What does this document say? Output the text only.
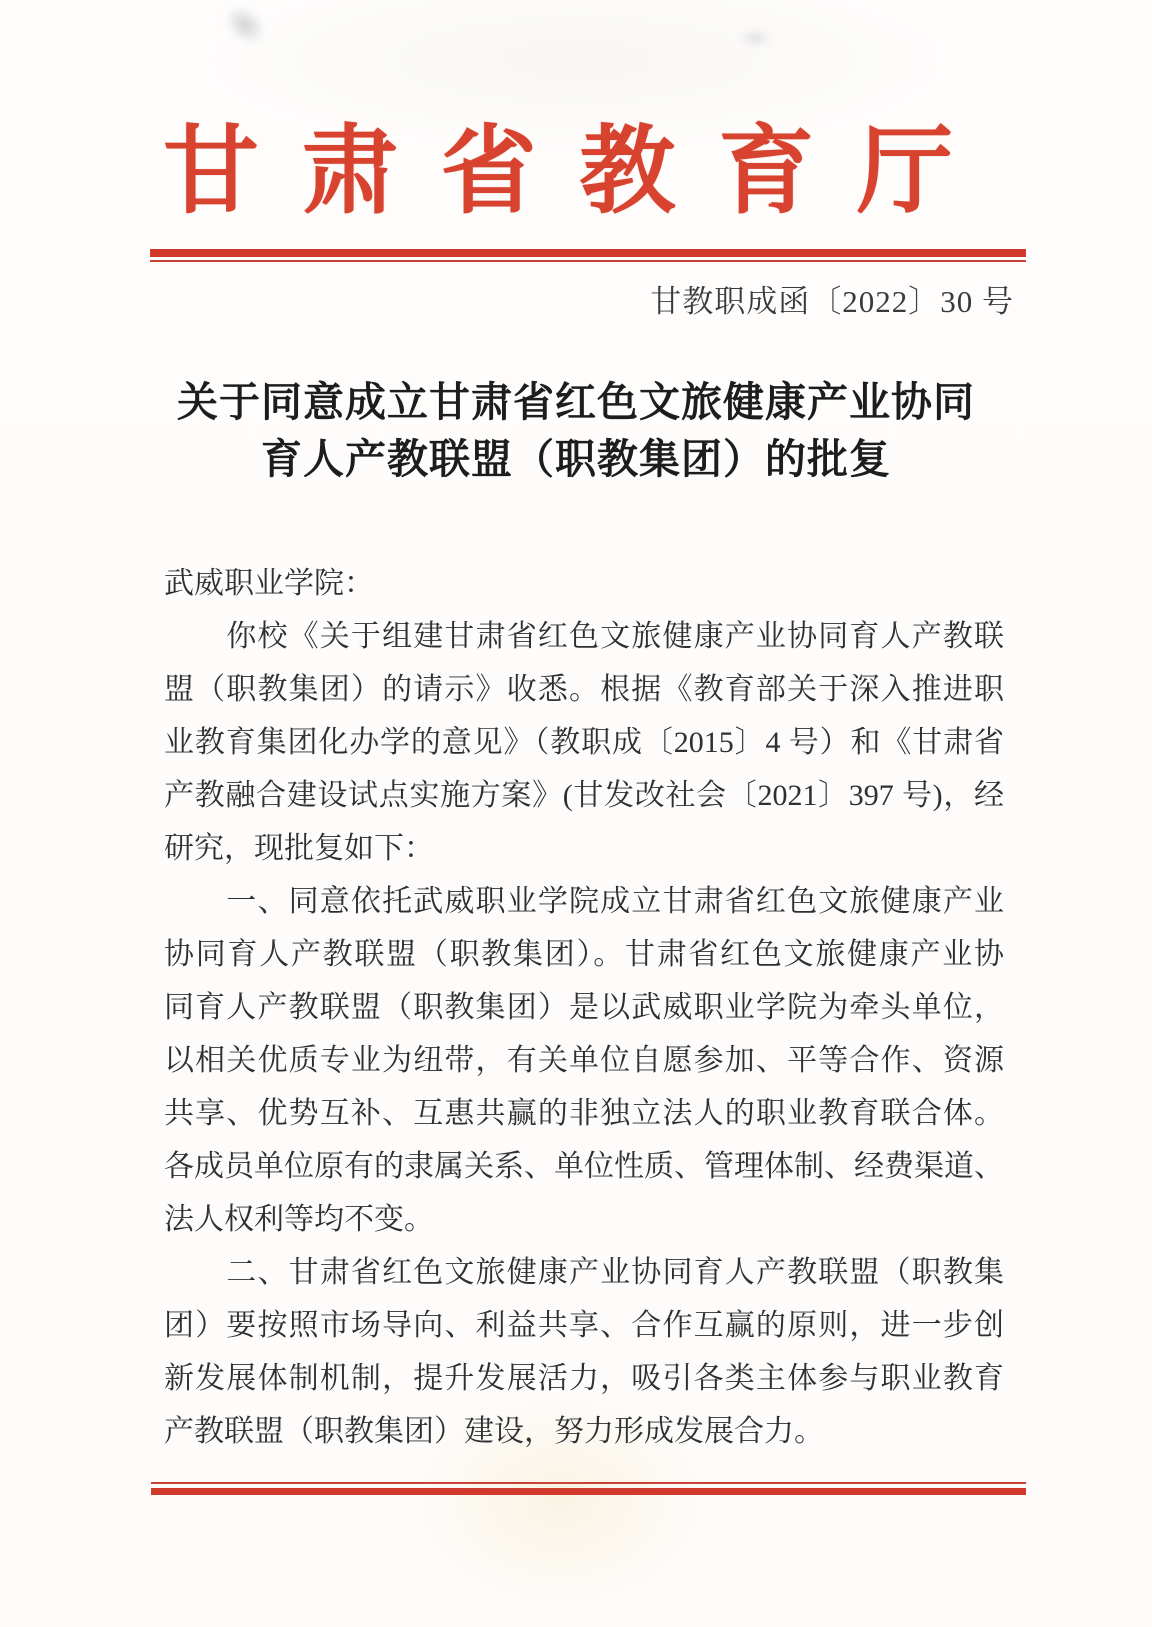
甘肃省教育厅
甘教职成函〔2022〕30 号
关于同意成立甘肃省红色文旅健康产业协同
育人产教联盟（职教集团）的批复
武威职业学院：
　　你校《关于组建甘肃省红色文旅健康产业协同育人产教联
盟（职教集团）的请示》收悉。根据《教育部关于深入推进职
业教育集团化办学的意见》（教职成〔2015〕4 号）和《甘肃省
产教融合建设试点实施方案》(甘发改社会〔2021〕397 号)，经
研究，现批复如下：
　　一、同意依托武威职业学院成立甘肃省红色文旅健康产业
协同育人产教联盟（职教集团）。甘肃省红色文旅健康产业协
同育人产教联盟（职教集团）是以武威职业学院为牵头单位，
以相关优质专业为纽带，有关单位自愿参加、平等合作、资源
共享、优势互补、互惠共赢的非独立法人的职业教育联合体。
各成员单位原有的隶属关系、单位性质、管理体制、经费渠道、
法人权利等均不变。
　　二、甘肃省红色文旅健康产业协同育人产教联盟（职教集
团）要按照市场导向、利益共享、合作互赢的原则，进一步创
新发展体制机制，提升发展活力，吸引各类主体参与职业教育
产教联盟（职教集团）建设，努力形成发展合力。
